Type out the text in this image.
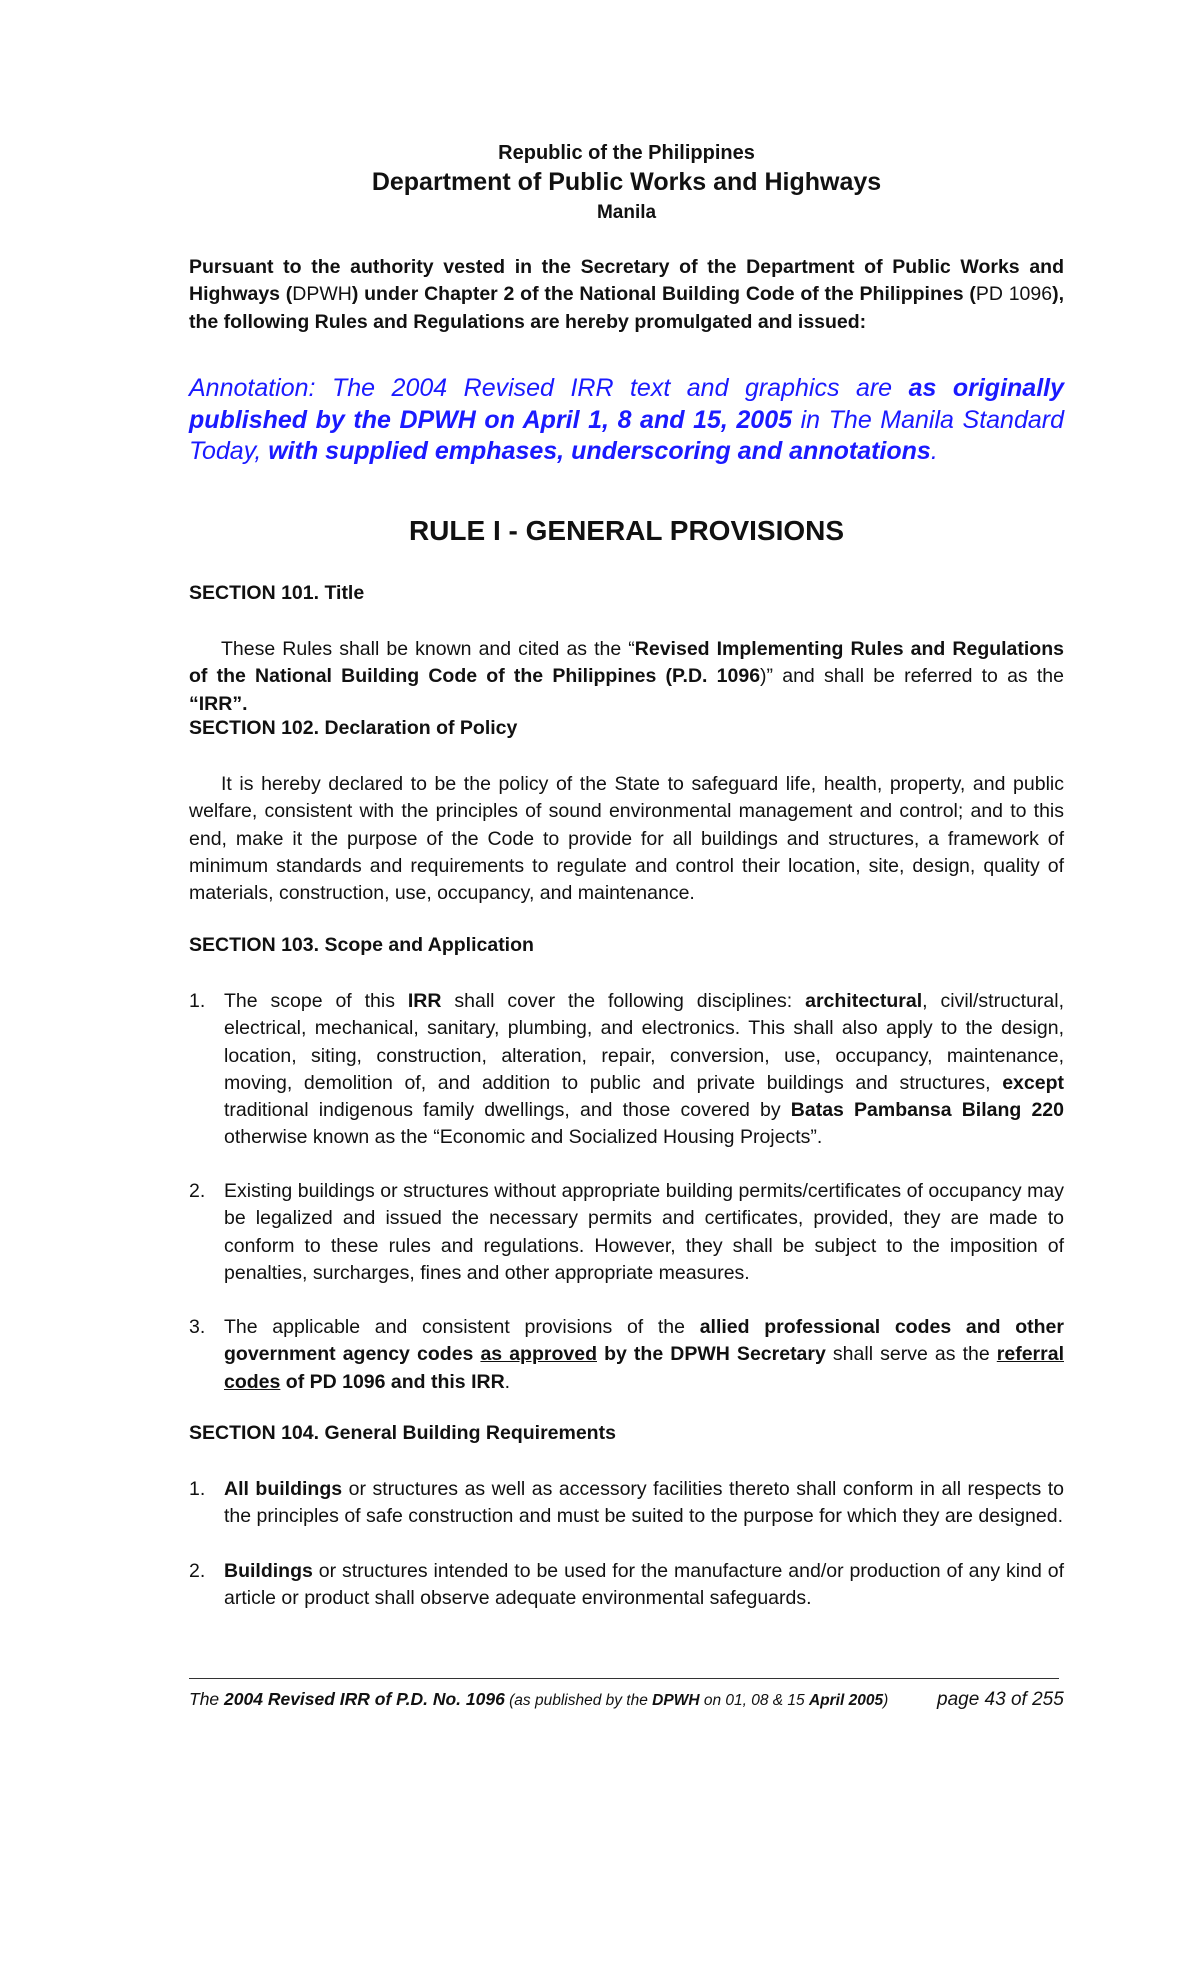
Republic of the Philippines
Department of Public Works and Highways
Manila

Pursuant to the authority vested in the Secretary of the Department of Public Works and Highways (DPWH) under Chapter 2 of the National Building Code of the Philippines (PD 1096), the following Rules and Regulations are hereby promulgated and issued:

Annotation: The 2004 Revised IRR text and graphics are as originally published by the DPWH on April 1, 8 and 15, 2005 in The Manila Standard Today, with supplied emphases, underscoring and annotations.

RULE I - GENERAL PROVISIONS

SECTION 101. Title

These Rules shall be known and cited as the “Revised Implementing Rules and Regulations of the National Building Code of the Philippines (P.D. 1096)” and shall be referred to as the “IRR”.

SECTION 102. Declaration of Policy

It is hereby declared to be the policy of the State to safeguard life, health, property, and public welfare, consistent with the principles of sound environmental management and control; and to this end, make it the purpose of the Code to provide for all buildings and structures, a framework of minimum standards and requirements to regulate and control their location, site, design, quality of materials, construction, use, occupancy, and maintenance.

SECTION 103. Scope and Application

1. The scope of this IRR shall cover the following disciplines: architectural, civil/structural, electrical, mechanical, sanitary, plumbing, and electronics. This shall also apply to the design, location, siting, construction, alteration, repair, conversion, use, occupancy, maintenance, moving, demolition of, and addition to public and private buildings and structures, except traditional indigenous family dwellings, and those covered by Batas Pambansa Bilang 220 otherwise known as the “Economic and Socialized Housing Projects”.

2. Existing buildings or structures without appropriate building permits/certificates of occupancy may be legalized and issued the necessary permits and certificates, provided, they are made to conform to these rules and regulations. However, they shall be subject to the imposition of penalties, surcharges, fines and other appropriate measures.

3. The applicable and consistent provisions of the allied professional codes and other government agency codes as approved by the DPWH Secretary shall serve as the referral codes of PD 1096 and this IRR.

SECTION 104. General Building Requirements

1. All buildings or structures as well as accessory facilities thereto shall conform in all respects to the principles of safe construction and must be suited to the purpose for which they are designed.

2. Buildings or structures intended to be used for the manufacture and/or production of any kind of article or product shall observe adequate environmental safeguards.

The 2004 Revised IRR of P.D. No. 1096 (as published by the DPWH on 01, 08 & 15 April 2005)	page 43 of 255
